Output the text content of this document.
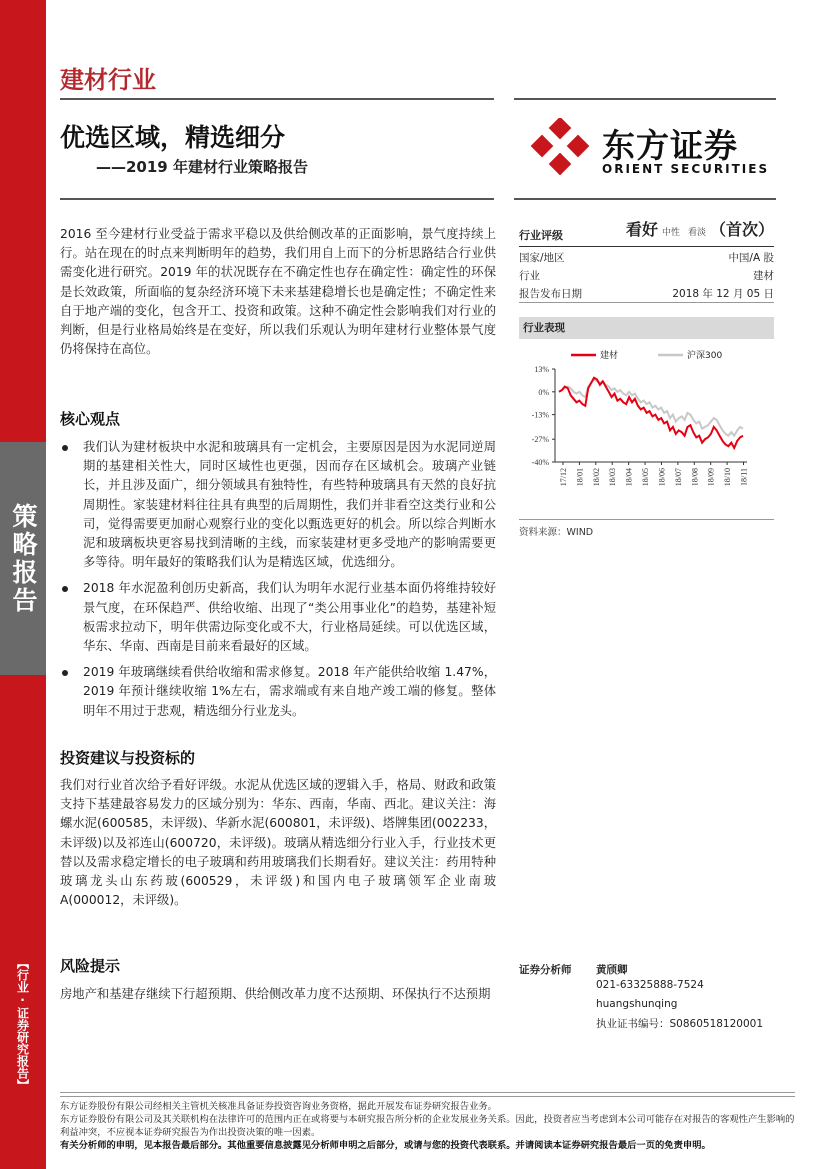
策略报告
【行业·证券研究报告】
建材行业
优选区域，精选细分
——2019 年建材行业策略报告
东方证券
ORIENT SECURITIES
2016 至今建材行业受益于需求平稳以及供给侧改革的正面影响，景气度持续上行。站在现在的时点来判断明年的趋势，我们用自上而下的分析思路结合行业供需变化进行研究。2019 年的状况既存在不确定性也存在确定性：确定性的环保是长效政策，所面临的复杂经济环境下未来基建稳增长也是确定性；不确定性来自于地产端的变化，包含开工、投资和政策。这种不确定性会影响我们对行业的判断，但是行业格局始终是在变好，所以我们乐观认为明年建材行业整体景气度仍将保持在高位。
核心观点
我们认为建材板块中水泥和玻璃具有一定机会，主要原因是因为水泥同逆周期的基建相关性大，同时区域性也更强，因而存在区域机会。玻璃产业链长，并且涉及面广，细分领域具有独特性，有些特种玻璃具有天然的良好抗周期性。家装建材料往往具有典型的后周期性，我们并非看空这类行业和公司，觉得需要更加耐心观察行业的变化以甄选更好的机会。所以综合判断水泥和玻璃板块更容易找到清晰的主线，而家装建材更多受地产的影响需要更多等待。明年最好的策略我们认为是精选区域，优选细分。
2018 年水泥盈利创历史新高，我们认为明年水泥行业基本面仍将维持较好景气度，在环保趋严、供给收缩、出现了“类公用事业化”的趋势，基建补短板需求拉动下，明年供需边际变化或不大，行业格局延续。可以优选区域，华东、华南、西南是目前来看最好的区域。
2019 年玻璃继续看供给收缩和需求修复。2018 年产能供给收缩 1.47%，2019 年预计继续收缩 1%左右，需求端或有来自地产竣工端的修复。整体明年不用过于悲观，精选细分行业龙头。
投资建议与投资标的
我们对行业首次给予看好评级。水泥从优选区域的逻辑入手，格局、财政和政策支持下基建最容易发力的区域分别为：华东、西南，华南、西北。建议关注：海螺水泥(600585，未评级)、华新水泥(600801，未评级)、塔牌集团(002233，未评级)以及祁连山(600720，未评级)。玻璃从精选细分行业入手，行业技术更替以及需求稳定增长的电子玻璃和药用玻璃我们长期看好。建议关注：药用特种玻璃龙头山东药玻(600529，未评级)和国内电子玻璃领军企业南玻 A(000012，未评级)。
风险提示
房地产和基建存继续下行超预期、供给侧改革力度不达预期、环保执行不达预期
行业评级	看好 中性 看淡 （首次）
国家/地区	中国/A 股
行业	建材
报告发布日期	2018 年 12 月 05 日
行业表现
13%
0%
-13%
-27%
-40%
17/12 18/01 18/02 18/03 18/04 18/05 18/06 18/07 18/08 18/09 18/10 18/11
建材	沪深300
资料来源：WIND
证券分析师 黄颀卿
021-63325888-7524
huangshunqing
执业证书编号：S0860518120001
东方证券股份有限公司经相关主管机关核准具备证券投资咨询业务资格，据此开展发布证券研究报告业务。
东方证券股份有限公司及其关联机构在法律许可的范围内正在或将要与本研究报告所分析的企业发展业务关系。因此，投资者应当考虑到本公司可能存在对报告的客观性产生影响的利益冲突，不应视本证券研究报告为作出投资决策的唯一因素。
有关分析师的申明，见本报告最后部分。其他重要信息披露见分析师申明之后部分，或请与您的投资代表联系。并请阅读本证券研究报告最后一页的免责申明。
